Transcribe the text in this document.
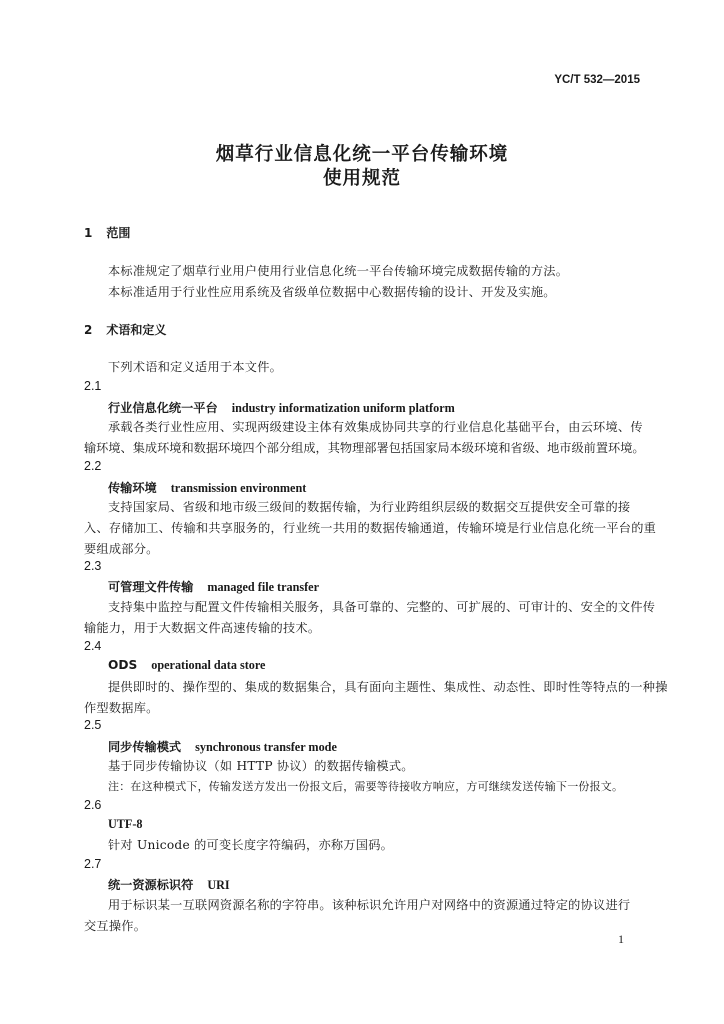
YC/T 532—2015
烟草行业信息化统一平台传输环境
使用规范
1 范围
本标准规定了烟草行业用户使用行业信息化统一平台传输环境完成数据传输的方法。
本标准适用于行业性应用系统及省级单位数据中心数据传输的设计、开发及实施。
2 术语和定义
下列术语和定义适用于本文件。
2.1
行业信息化统一平台 industry informatization uniform platform
承载各类行业性应用、实现两级建设主体有效集成协同共享的行业信息化基础平台，由云环境、传
输环境、集成环境和数据环境四个部分组成，其物理部署包括国家局本级环境和省级、地市级前置环境。
2.2
传输环境 transmission environment
支持国家局、省级和地市级三级间的数据传输，为行业跨组织层级的数据交互提供安全可靠的接
入、存储加工、传输和共享服务的，行业统一共用的数据传输通道，传输环境是行业信息化统一平台的重
要组成部分。
2.3
可管理文件传输 managed file transfer
支持集中监控与配置文件传输相关服务，具备可靠的、完整的、可扩展的、可审计的、安全的文件传
输能力，用于大数据文件高速传输的技术。
2.4
ODS operational data store
提供即时的、操作型的、集成的数据集合，具有面向主题性、集成性、动态性、即时性等特点的一种操
作型数据库。
2.5
同步传输模式 synchronous transfer mode
基于同步传输协议（如 HTTP 协议）的数据传输模式。
注：在这种模式下，传输发送方发出一份报文后，需要等待接收方响应，方可继续发送传输下一份报文。
2.6
UTF-8
针对 Unicode 的可变长度字符编码，亦称万国码。
2.7
统一资源标识符 URI
用于标识某一互联网资源名称的字符串。该种标识允许用户对网络中的资源通过特定的协议进行
交互操作。
1
